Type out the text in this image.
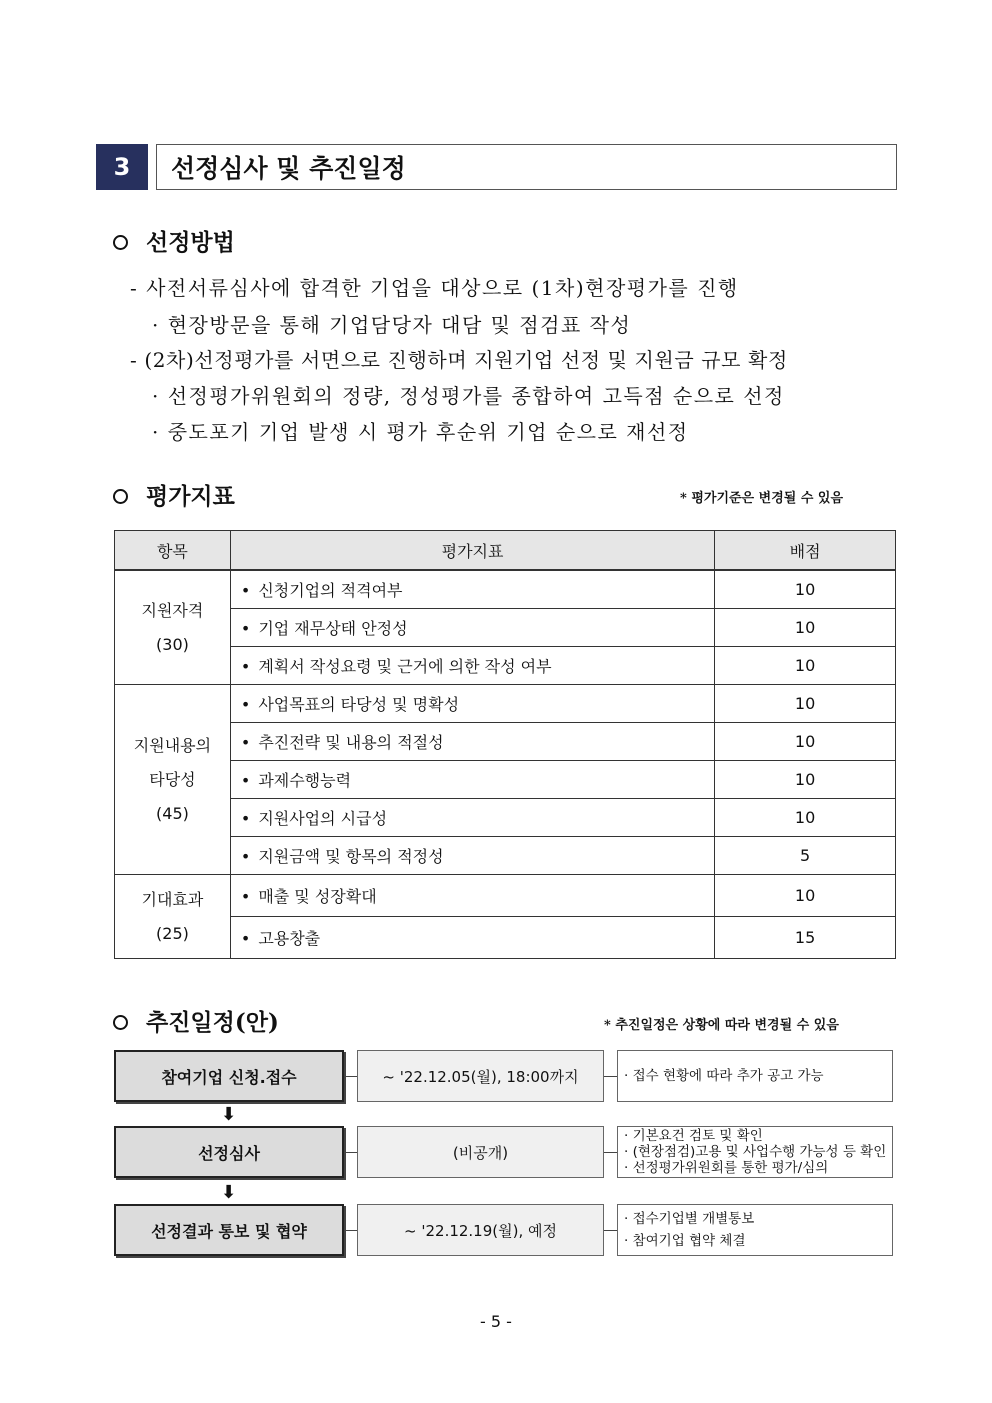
3	선정심사 및 추진일정
선정방법
- 사전서류심사에 합격한 기업을 대상으로 (1차)현장평가를 진행
· 현장방문을 통해 기업담당자 대담 및 점검표 작성
- (2차)선정평가를 서면으로 진행하며 지원기업 선정 및 지원금 규모 확정
· 선정평가위원회의 정량, 정성평가를 종합하여 고득점 순으로 선정
· 중도포기 기업 발생 시 평가 후순위 기업 순으로 재선정
평가지표	* 평가기준은 변경될 수 있음
항목	평가지표	배점

지원자격
(30)	• 신청기업의 적격여부	10
	• 기업 재무상태 안정성	10
	• 계획서 작성요령 및 근거에 의한 작성 여부	10

지원내용의
타당성
(45)	• 사업목표의 타당성 및 명확성	10
	• 추진전략 및 내용의 적절성	10
	• 과제수행능력	10
	• 지원사업의 시급성	10
	• 지원금액 및 항목의 적정성	5

기대효과
(25)	• 매출 및 성장확대	10
	• 고용창출	15
추진일정(안)	* 추진일정은 상황에 따라 변경될 수 있음
참여기업 신청.접수	~ '22.12.05(월), 18:00까지	· 접수 현황에 따라 추가 공고 가능
⬇
선정심사	(비공개)
· 기본요건 검토 및 확인
· (현장점검)고용 및 사업수행 가능성 등 확인
· 선정평가위원회를 통한 평가/심의
⬇
선정결과 통보 및 협약	~ '22.12.19(월), 예정
· 접수기업별 개별통보
· 참여기업 협약 체결
- 5 -
